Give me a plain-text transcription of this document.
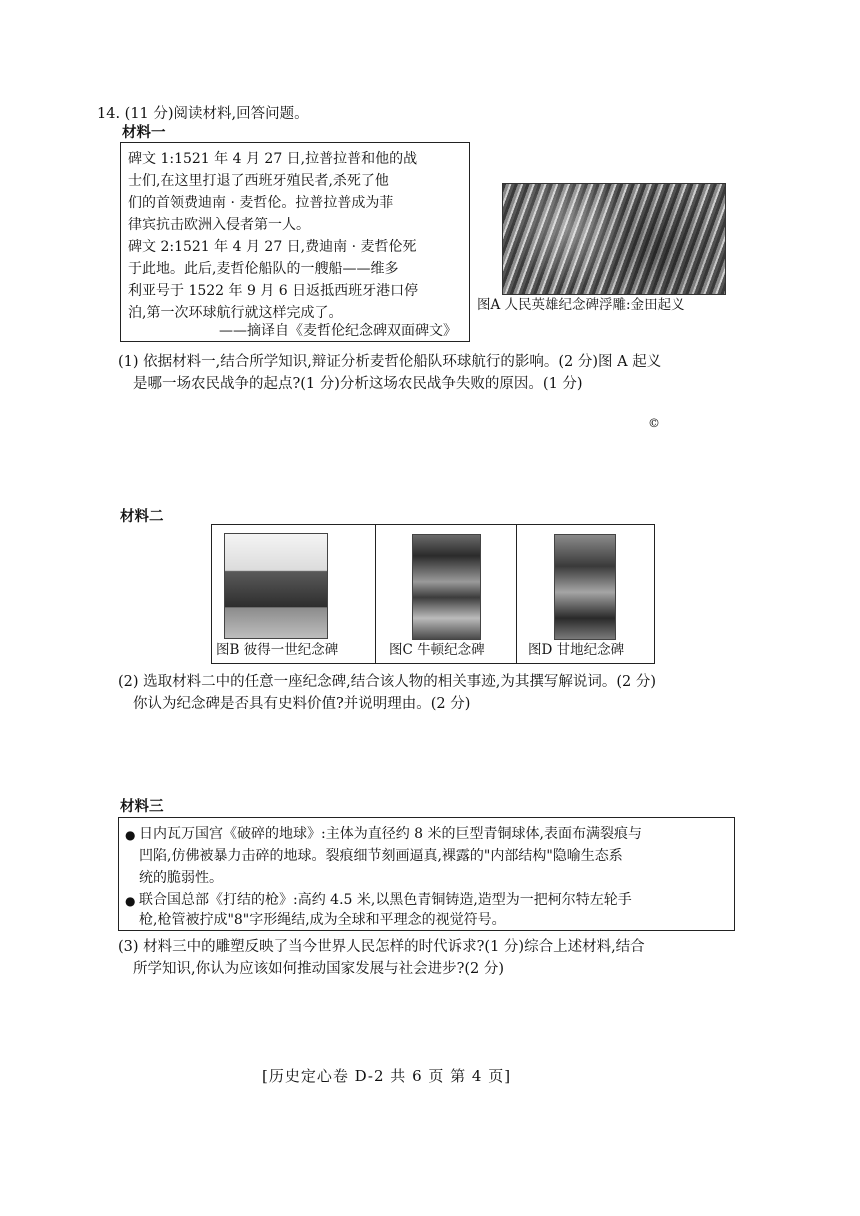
14. (11 分)阅读材料,回答问题。
材料一
碑文 1:1521 年 4 月 27 日,拉普拉普和他的战
士们,在这里打退了西班牙殖民者,杀死了他
们的首领费迪南 · 麦哲伦。拉普拉普成为菲
律宾抗击欧洲入侵者第一人。
碑文 2:1521 年 4 月 27 日,费迪南 · 麦哲伦死
于此地。此后,麦哲伦船队的一艘船——维多
利亚号于 1522 年 9 月 6 日返抵西班牙港口停
泊,第一次环球航行就这样完成了。
——摘译自《麦哲伦纪念碑双面碑文》
图A 人民英雄纪念碑浮雕:金田起义
(1) 依据材料一,结合所学知识,辩证分析麦哲伦船队环球航行的影响。(2 分)图 A 起义
是哪一场农民战争的起点?(1 分)分析这场农民战争失败的原因。(1 分)
©
材料二
图B 彼得一世纪念碑	图C 牛顿纪念碑	图D 甘地纪念碑
(2) 选取材料二中的任意一座纪念碑,结合该人物的相关事迹,为其撰写解说词。(2 分)
你认为纪念碑是否具有史料价值?并说明理由。(2 分)
材料三
● 日内瓦万国宫《破碎的地球》:主体为直径约 8 米的巨型青铜球体,表面布满裂痕与
凹陷,仿佛被暴力击碎的地球。裂痕细节刻画逼真,裸露的"内部结构"隐喻生态系
统的脆弱性。
● 联合国总部《打结的枪》:高约 4.5 米,以黑色青铜铸造,造型为一把柯尔特左轮手
枪,枪管被拧成"8"字形绳结,成为全球和平理念的视觉符号。
(3) 材料三中的雕塑反映了当今世界人民怎样的时代诉求?(1 分)综合上述材料,结合
所学知识,你认为应该如何推动国家发展与社会进步?(2 分)
[历史定心卷 D-2 共 6 页 第 4 页]
